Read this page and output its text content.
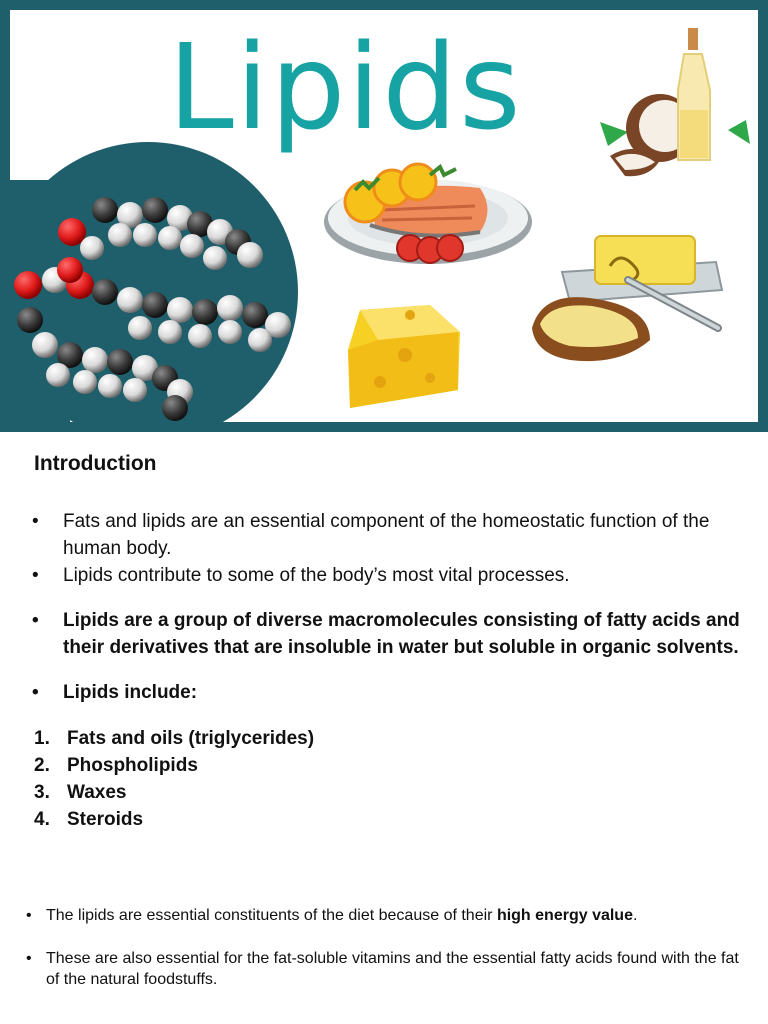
Lipids
Introduction
• Fats and lipids are an essential component of the homeostatic function of the human body.
• Lipids contribute to some of the body’s most vital processes.
• Lipids are a group of diverse macromolecules consisting of fatty acids and their derivatives that are insoluble in water but soluble in organic solvents.
• Lipids include:
1. Fats and oils (triglycerides)
2. Phospholipids
3. Waxes
4. Steroids
• The lipids are essential constituents of the diet because of their high energy value.
• These are also essential for the fat-soluble vitamins and the essential fatty acids found with the fat of the natural foodstuffs.
